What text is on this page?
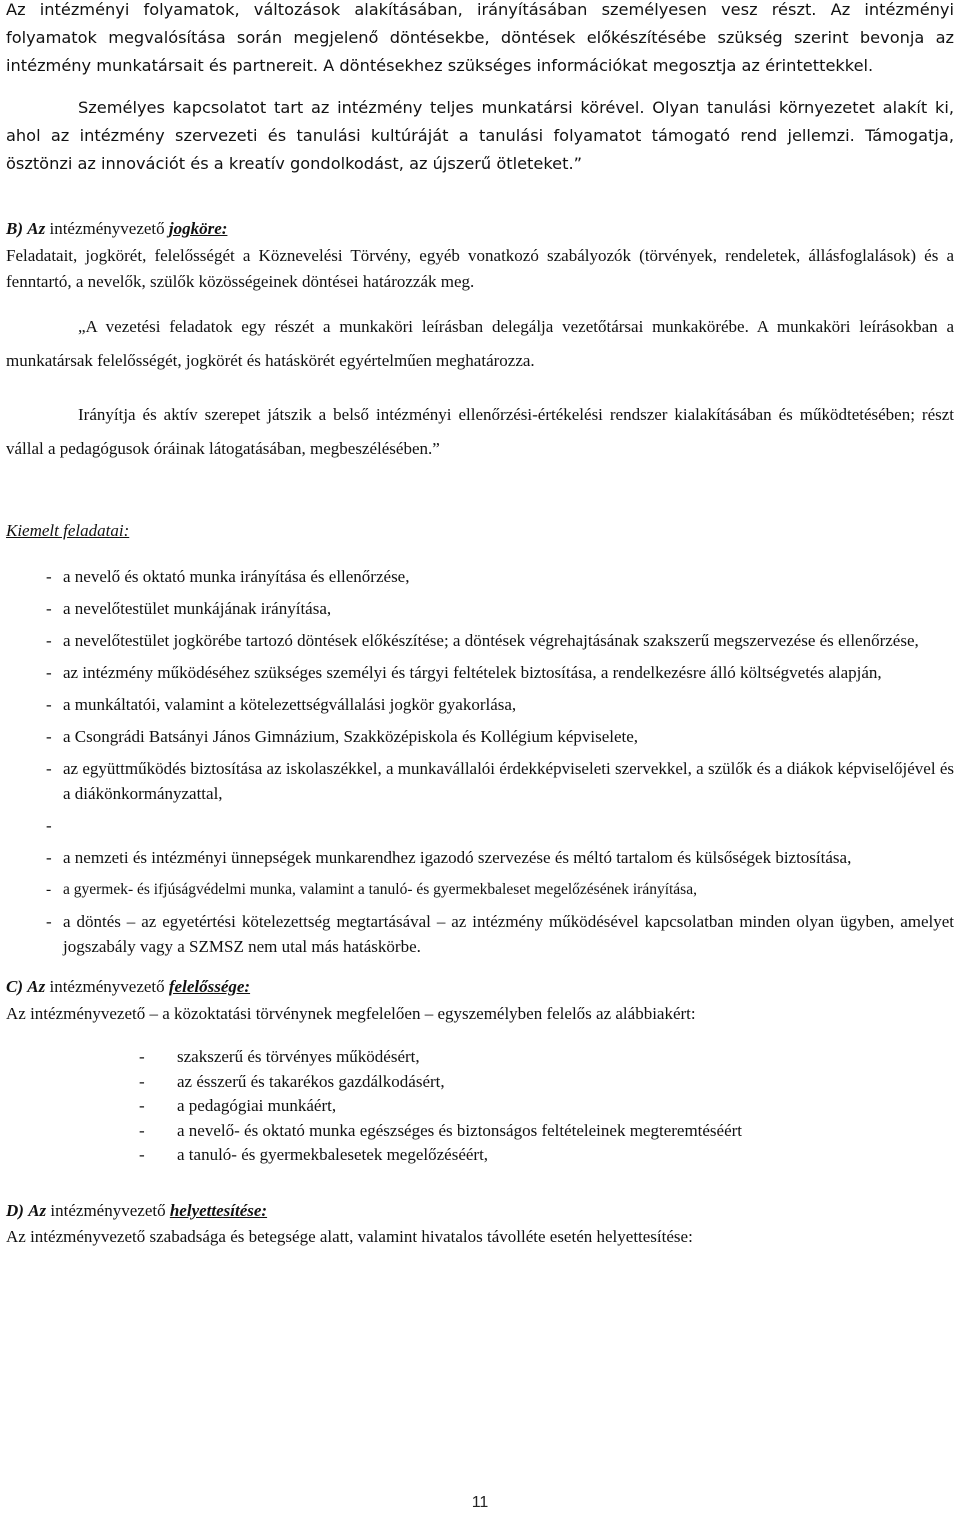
Az intézményi folyamatok, változások alakításában, irányításában személyesen vesz részt. Az intézményi folyamatok megvalósítása során megjelenő döntésekbe, döntések előkészítésébe szükség szerint bevonja az intézmény munkatársait és partnereit. A döntésekhez szükséges információkat megosztja az érintettekkel.

Személyes kapcsolatot tart az intézmény teljes munkatársi körével. Olyan tanulási környezetet alakít ki, ahol az intézmény szervezeti és tanulási kultúráját a tanulási folyamatot támogató rend jellemzi. Támogatja, ösztönzi az innovációt és a kreatív gondolkodást, az újszerű ötleteket.”

B) Az intézményvezető jogköre:

Feladatait, jogkörét, felelősségét a Köznevelési Törvény, egyéb vonatkozó szabályozók (törvények, rendeletek, állásfoglalások) és a fenntartó, a nevelők, szülők közösségeinek döntései határozzák meg.

„A vezetési feladatok egy részét a munkaköri leírásban delegálja vezetőtársai munkakörébe. A munkaköri leírásokban a munkatársak felelősségét, jogkörét és hatáskörét egyértelműen meghatározza.

Irányítja és aktív szerepet játszik a belső intézményi ellenőrzési-értékelési rendszer kialakításában és működtetésében; részt vállal a pedagógusok óráinak látogatásában, megbeszélésében.”

Kiemelt feladatai:

- a nevelő és oktató munka irányítása és ellenőrzése,
- a nevelőtestület munkájának irányítása,
- a nevelőtestület jogkörébe tartozó döntések előkészítése; a döntések végrehajtásának szakszerű megszervezése és ellenőrzése,
- az intézmény működéséhez szükséges személyi és tárgyi feltételek biztosítása, a rendelkezésre álló költségvetés alapján,
- a munkáltatói, valamint a kötelezettségvállalási jogkör gyakorlása,
- a Csongrádi Batsányi János Gimnázium, Szakközépiskola és Kollégium képviselete,
- az együttműködés biztosítása az iskolaszékkel, a munkavállalói érdekképviseleti szervekkel, a szülők és a diákok képviselőjével és a diákönkormányzattal,
-
- a nemzeti és intézményi ünnepségek munkarendhez igazodó szervezése és méltó tartalom és külsőségek biztosítása,
- a gyermek- és ifjúságvédelmi munka, valamint a tanuló- és gyermekbaleset megelőzésének irányítása,
- a döntés – az egyetértési kötelezettség megtartásával – az intézmény működésével kapcsolatban minden olyan ügyben, amelyet jogszabály vagy a SZMSZ nem utal más hatáskörbe.

C) Az intézményvezető felelőssége:

Az intézményvezető – a közoktatási törvénynek megfelelően – egyszemélyben felelős az alábbiakért:

- szakszerű és törvényes működésért,
- az ésszerű és takarékos gazdálkodásért,
- a pedagógiai munkáért,
- a nevelő- és oktató munka egészséges és biztonságos feltételeinek megteremtéséért
- a tanuló- és gyermekbalesetek megelőzéséért,

D) Az intézményvezető helyettesítése:

Az intézményvezető szabadsága és betegsége alatt, valamint hivatalos távolléte esetén helyettesítése:

11
